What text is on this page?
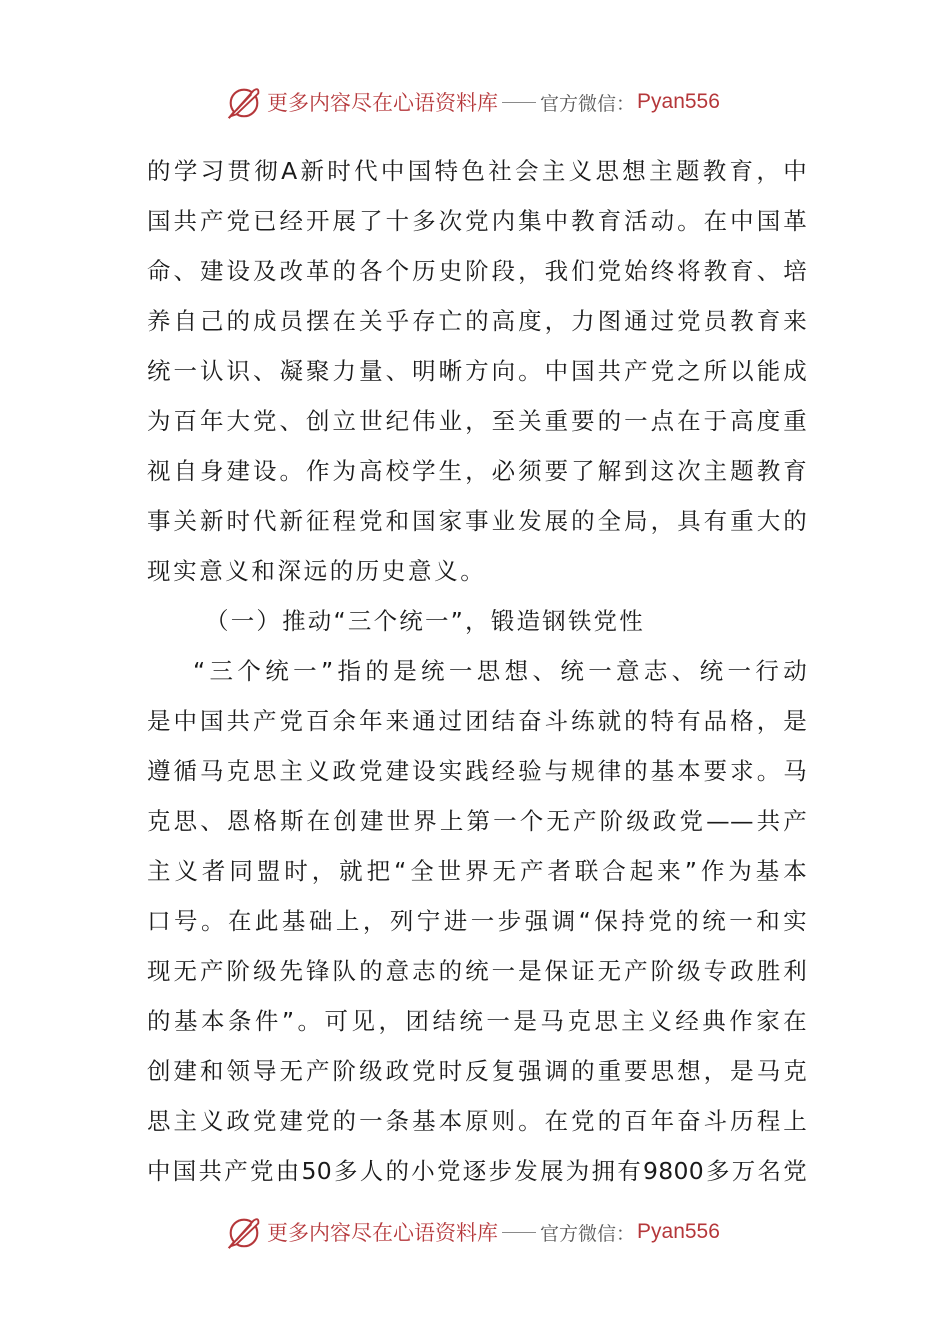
更多内容尽在心语资料库 官方微信： Pyan556
的学习贯彻A新时代中国特色社会主义思想主题教育，中
国共产党已经开展了十多次党内集中教育活动。在中国革
命、建设及改革的各个历史阶段，我们党始终将教育、培
养自己的成员摆在关乎存亡的高度，力图通过党员教育来
统一认识、凝聚力量、明晰方向。中国共产党之所以能成
为百年大党、创立世纪伟业，至关重要的一点在于高度重
视自身建设。作为高校学生，必须要了解到这次主题教育
事关新时代新征程党和国家事业发展的全局，具有重大的
现实意义和深远的历史意义。
（一）推动“三个统一”，锻造钢铁党性
“三个统一”指的是统一思想、统一意志、统一行动
是中国共产党百余年来通过团结奋斗练就的特有品格，是
遵循马克思主义政党建设实践经验与规律的基本要求。马
克思、恩格斯在创建世界上第一个无产阶级政党——共产
主义者同盟时，就把“全世界无产者联合起来”作为基本
口号。在此基础上，列宁进一步强调“保持党的统一和实
现无产阶级先锋队的意志的统一是保证无产阶级专政胜利
的基本条件”。可见，团结统一是马克思主义经典作家在
创建和领导无产阶级政党时反复强调的重要思想，是马克
思主义政党建党的一条基本原则。在党的百年奋斗历程上
中国共产党由50多人的小党逐步发展为拥有9800多万名党
更多内容尽在心语资料库 官方微信： Pyan556
